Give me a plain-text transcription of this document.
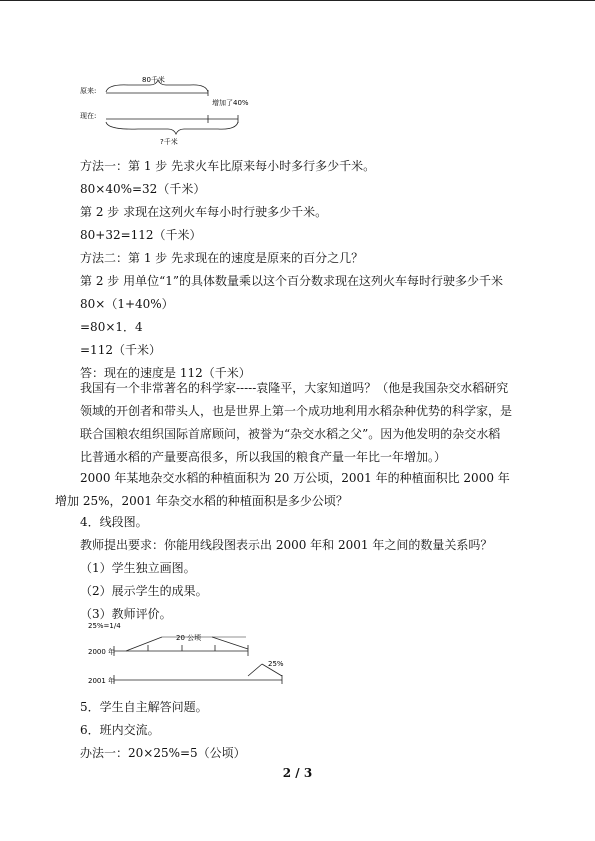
原来:
现在:
80千米
增加了40%
?千米
方法一：第 1 步 先求火车比原来每小时多行多少千米。
80×40%=32（千米）
第 2 步 求现在这列火车每小时行驶多少千米。
80+32=112（千米）
方法二：第 1 步 先求现在的速度是原来的百分之几？
第 2 步 用单位“1”的具体数量乘以这个百分数求现在这列火车每时行驶多少千米
80×（1+40%）
=80×1．4
=112（千米）
答：现在的速度是 112（千米）

我国有一个非常著名的科学家-----袁隆平，大家知道吗？（他是我国杂交水稻研究领域的开创者和带头人，也是世界上第一个成功地利用水稻杂种优势的科学家，是联合国粮农组织国际首席顾问，被誉为“杂交水稻之父”。因为他发明的杂交水稻比普通水稻的产量要高很多，所以我国的粮食产量一年比一年增加。）

2000 年某地杂交水稻的种植面积为 20 万公顷，2001 年的种植面积比 2000 年增加 25%，2001 年杂交水稻的种植面积是多少公顷？

4．线段图。
教师提出要求：你能用线段图表示出 2000 年和 2001 年之间的数量关系吗？
（1）学生独立画图。
（2）展示学生的成果。
（3）教师评价。
25%=1/4
20 公顷
2000 年
25%
2001 年
5．学生自主解答问题。
6．班内交流。
办法一：20×25%=5（公顷）
2 / 3
